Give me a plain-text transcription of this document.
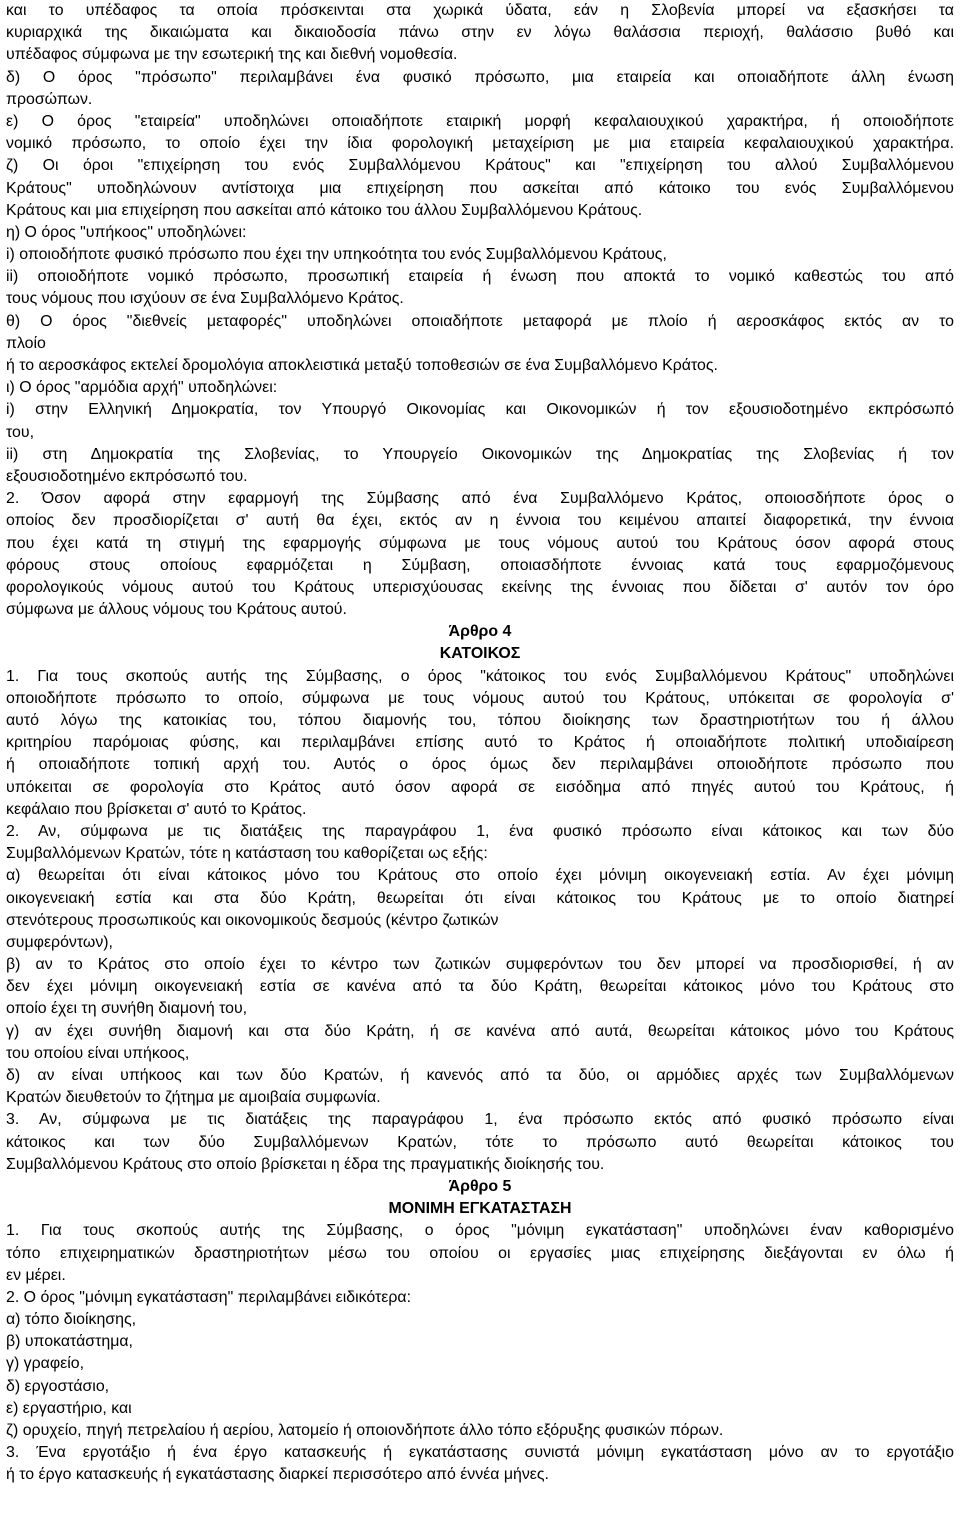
και το υπέδαφος τα οποία πρόσκεινται στα χωρικά ύδατα, εάν η Σλοβενία μπορεί να εξασκήσει τα
κυριαρχικά της δικαιώματα και δικαιοδοσία πάνω στην εν λόγω θαλάσσια περιοχή, θαλάσσιο βυθό και
υπέδαφος σύμφωνα με την εσωτερική της και διεθνή νομοθεσία.
δ) Ο όρος "πρόσωπο" περιλαμβάνει ένα φυσικό πρόσωπο, μια εταιρεία και οποιαδήποτε άλλη ένωση
προσώπων.
ε) Ο όρος "εταιρεία" υποδηλώνει οποιαδήποτε εταιρική μορφή κεφαλαιουχικού χαρακτήρα, ή οποιοδήποτε
νομικό πρόσωπο, το οποίο έχει την ίδια φορολογική μεταχείριση με μια εταιρεία κεφαλαιουχικού χαρακτήρα.
ζ) Οι όροι "επιχείρηση του ενός Συμβαλλόμενου Κράτους" και "επιχείρηση του αλλού Συμβαλλόμενου
Κράτους" υποδηλώνουν αντίστοιχα μια επιχείρηση που ασκείται από κάτοικο του ενός Συμβαλλόμενου
Κράτους και μια επιχείρηση που ασκείται από κάτοικο του άλλου Συμβαλλόμενου Κράτους.
η) Ο όρος "υπήκοος" υποδηλώνει:
i) οποιοδήποτε φυσικό πρόσωπο που έχει την υπηκοότητα του ενός Συμβαλλόμενου Κράτους,
ii) οποιοδήποτε νομικό πρόσωπο, προσωπική εταιρεία ή ένωση που αποκτά το νομικό καθεστώς του από
τους νόμους που ισχύουν σε ένα Συμβαλλόμενο Κράτος.
θ) Ο όρος "διεθνείς μεταφορές" υποδηλώνει οποιαδήποτε μεταφορά με πλοίο ή αεροσκάφος εκτός αν το
πλοίο
ή το αεροσκάφος εκτελεί δρομολόγια αποκλειστικά μεταξύ τοποθεσιών σε ένα Συμβαλλόμενο Κράτος.
ι) Ο όρος "αρμόδια αρχή" υποδηλώνει:
i) στην Ελληνική Δημοκρατία, τον Υπουργό Οικονομίας και Οικονομικών ή τον εξουσιοδοτημένο εκπρόσωπό
του,
ii) στη Δημοκρατία της Σλοβενίας, το Υπουργείο Οικονομικών της Δημοκρατίας της Σλοβενίας ή τον
εξουσιοδοτημένο εκπρόσωπό του.
2. Όσον αφορά στην εφαρμογή της Σύμβασης από ένα Συμβαλλόμενο Κράτος, οποιοσδήποτε όρος ο
οποίος δεν προσδιορίζεται σ' αυτή θα έχει, εκτός αν η έννοια του κειμένου απαιτεί διαφορετικά, την έννοια
που έχει κατά τη στιγμή της εφαρμογής σύμφωνα με τους νόμους αυτού του Κράτους όσον αφορά στους
φόρους στους οποίους εφαρμόζεται η Σύμβαση, οποιασδήποτε έννοιας κατά τους εφαρμοζόμενους
φορολογικούς νόμους αυτού του Κράτους υπερισχύουσας εκείνης της έννοιας που δίδεται σ' αυτόν τον όρο
σύμφωνα με άλλους νόμους του Κράτους αυτού.
Άρθρο 4
ΚΑΤΟΙΚΟΣ
1. Για τους σκοπούς αυτής της Σύμβασης, ο όρος "κάτοικος του ενός Συμβαλλόμενου Κράτους" υποδηλώνει
οποιοδήποτε πρόσωπο το οποίο, σύμφωνα με τους νόμους αυτού του Κράτους, υπόκειται σε φορολογία σ'
αυτό λόγω της κατοικίας του, τόπου διαμονής του, τόπου διοίκησης των δραστηριοτήτων του ή άλλου
κριτηρίου παρόμοιας φύσης, και περιλαμβάνει επίσης αυτό το Κράτος ή οποιαδήποτε πολιτική υποδιαίρεση
ή οποιαδήποτε τοπική αρχή του. Αυτός ο όρος όμως δεν περιλαμβάνει οποιοδήποτε πρόσωπο που
υπόκειται σε φορολογία στο Κράτος αυτό όσον αφορά σε εισόδημα από πηγές αυτού του Κράτους, ή
κεφάλαιο που βρίσκεται σ' αυτό το Κράτος.
2. Αν, σύμφωνα με τις διατάξεις της παραγράφου 1, ένα φυσικό πρόσωπο είναι κάτοικος και των δύο
Συμβαλλόμενων Κρατών, τότε η κατάσταση του καθορίζεται ως εξής:
α) θεωρείται ότι είναι κάτοικος μόνο του Κράτους στο οποίο έχει μόνιμη οικογενειακή εστία. Αν έχει μόνιμη
οικογενειακή εστία και στα δύο Κράτη, θεωρείται ότι είναι κάτοικος του Κράτους με το οποίο διατηρεί
στενότερους προσωπικούς και οικονομικούς δεσμούς (κέντρο ζωτικών
συμφερόντων),
β) αν το Κράτος στο οποίο έχει το κέντρο των ζωτικών συμφερόντων του δεν μπορεί να προσδιορισθεί, ή αν
δεν έχει μόνιμη οικογενειακή εστία σε κανένα από τα δύο Κράτη, θεωρείται κάτοικος μόνο του Κράτους στο
οποίο έχει τη συνήθη διαμονή του,
γ) αν έχει συνήθη διαμονή και στα δύο Κράτη, ή σε κανένα από αυτά, θεωρείται κάτοικος μόνο του Κράτους
του οποίου είναι υπήκοος,
δ) αν είναι υπήκοος και των δύο Κρατών, ή κανενός από τα δύο, οι αρμόδιες αρχές των Συμβαλλόμενων
Κρατών διευθετούν το ζήτημα με αμοιβαία συμφωνία.
3. Αν, σύμφωνα με τις διατάξεις της παραγράφου 1, ένα πρόσωπο εκτός από φυσικό πρόσωπο είναι
κάτοικος και των δύο Συμβαλλόμενων Κρατών, τότε το πρόσωπο αυτό θεωρείται κάτοικος του
Συμβαλλόμενου Κράτους στο οποίο βρίσκεται η έδρα της πραγματικής διοίκησής του.
Άρθρο 5
ΜΟΝΙΜΗ ΕΓΚΑΤΑΣΤΑΣΗ
1. Για τους σκοπούς αυτής της Σύμβασης, ο όρος "μόνιμη εγκατάσταση" υποδηλώνει έναν καθορισμένο
τόπο επιχειρηματικών δραστηριοτήτων μέσω του οποίου οι εργασίες μιας επιχείρησης διεξάγονται εν όλω ή
εν μέρει.
2. Ο όρος "μόνιμη εγκατάσταση" περιλαμβάνει ειδικότερα:
α) τόπο διοίκησης,
β) υποκατάστημα,
γ) γραφείο,
δ) εργοστάσιο,
ε) εργαστήριο, και
ζ) ορυχείο, πηγή πετρελαίου ή αερίου, λατομείο ή οποιονδήποτε άλλο τόπο εξόρυξης φυσικών πόρων.
3. Ένα εργοτάξιο ή ένα έργο κατασκευής ή εγκατάστασης συνιστά μόνιμη εγκατάσταση μόνο αν το εργοτάξιο
ή το έργο κατασκευής ή εγκατάστασης διαρκεί περισσότερο από έννέα μήνες.
